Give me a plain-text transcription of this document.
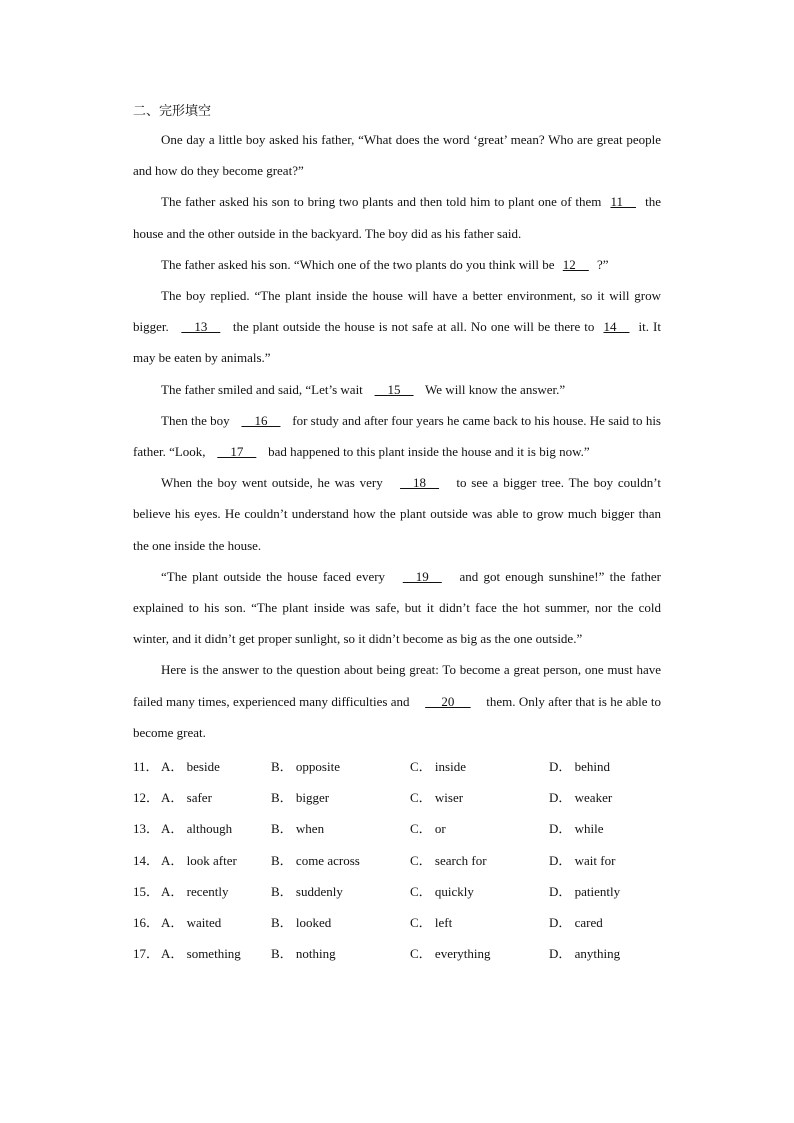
二、完形填空

One day a little boy asked his father, “What does the word ‘great’ mean? Who are great people and how do they become great?”

The father asked his son to bring two plants and then told him to plant one of them 11     the house and the other outside in the backyard. The boy did as his father said.

The father asked his son. “Which one of the two plants do you think will be 12     ?”

The boy replied. “The plant inside the house will have a better environment, so it will grow bigger.     13     the plant outside the house is not safe at all. No one will be there to 14     it. It may be eaten by animals.”

The father smiled and said, “Let’s wait     15     We will know the answer.”

Then the boy     16     for study and after four years he came back to his house. He said to his father. “Look,     17     bad happened to this plant inside the house and it is big now.”

When the boy went outside, he was very     18     to see a bigger tree. The boy couldn’t believe his eyes. He couldn’t understand how the plant outside was able to grow much bigger than the one inside the house.

“The plant outside the house faced every     19     and got enough sunshine!” the father explained to his son. “The plant inside was safe, but it didn’t face the hot summer, nor the cold winter, and it didn’t get proper sunlight, so it didn’t become as big as the one outside.”

Here is the answer to the question about being great: To become a great person, one must have failed many times, experienced many difficulties and      20      them. Only after that is he able to become great.

11． A． beside	B． opposite	C． inside	D． behind
12． A． safer	B． bigger	C． wiser	D． weaker
13． A． although	B． when	C． or	D． while
14． A． look after	B． come across	C． search for	D． wait for
15． A． recently	B． suddenly	C． quickly	D． patiently
16． A． waited	B． looked	C． left	D． cared
17． A． something	B． nothing	C． everything	D． anything
